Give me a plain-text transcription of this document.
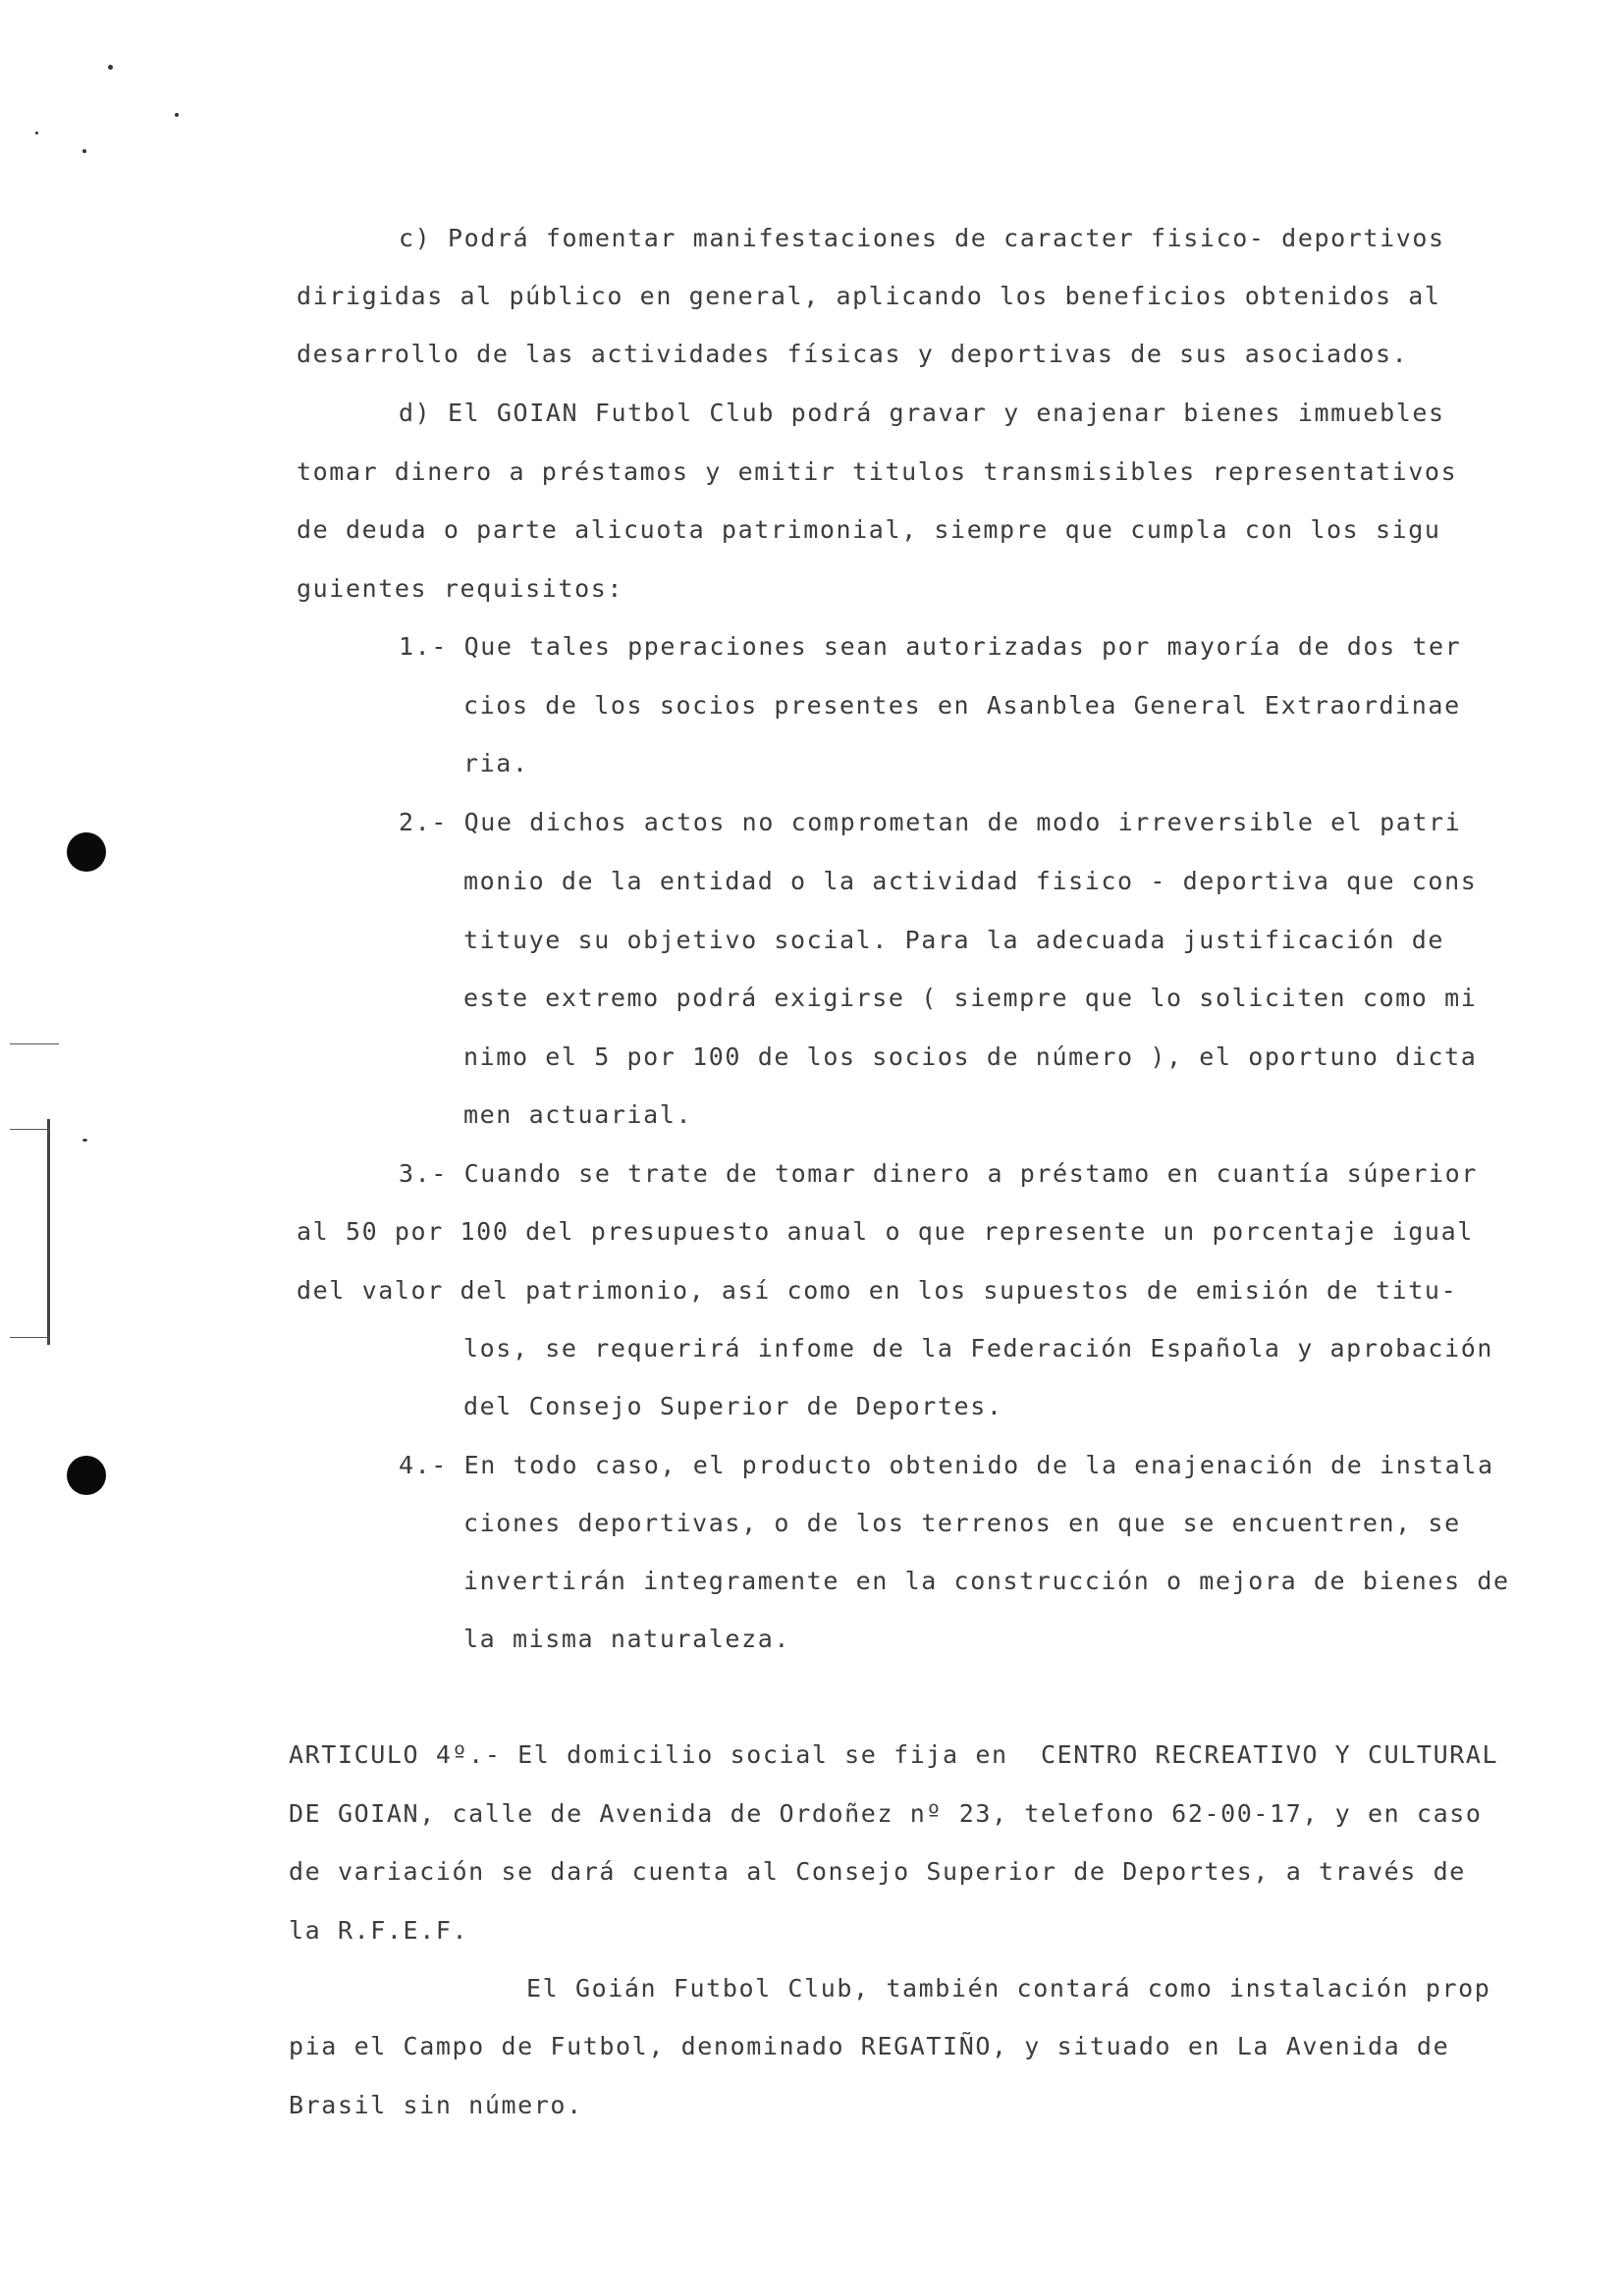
c) Podrá fomentar manifestaciones de caracter fisico- deportivos
dirigidas al público en general, aplicando los beneficios obtenidos al
desarrollo de las actividades físicas y deportivas de sus asociados.
d) El GOIAN Futbol Club podrá gravar y enajenar bienes immuebles
tomar dinero a préstamos y emitir titulos transmisibles representativos
de deuda o parte alicuota patrimonial, siempre que cumpla con los sigu
guientes requisitos:
1.- Que tales pperaciones sean autorizadas por mayoría de dos ter
cios de los socios presentes en Asanblea General Extraordinae
ria.
2.- Que dichos actos no comprometan de modo irreversible el patri
monio de la entidad o la actividad fisico - deportiva que cons
tituye su objetivo social. Para la adecuada justificación de
este extremo podrá exigirse ( siempre que lo soliciten como mi
nimo el 5 por 100 de los socios de número ), el oportuno dicta
men actuarial.
3.- Cuando se trate de tomar dinero a préstamo en cuantía súperior
al 50 por 100 del presupuesto anual o que represente un porcentaje igual
del valor del patrimonio, así como en los supuestos de emisión de titu-
los, se requerirá infome de la Federación Española y aprobación
del Consejo Superior de Deportes.
4.- En todo caso, el producto obtenido de la enajenación de instala
ciones deportivas, o de los terrenos en que se encuentren, se
invertirán integramente en la construcción o mejora de bienes de
la misma naturaleza.
ARTICULO 4º.- El domicilio social se fija en  CENTRO RECREATIVO Y CULTURAL
DE GOIAN, calle de Avenida de Ordoñez nº 23, telefono 62-00-17, y en caso
de variación se dará cuenta al Consejo Superior de Deportes, a través de
la R.F.E.F.
El Goián Futbol Club, también contará como instalación prop
pia el Campo de Futbol, denominado REGATIÑO, y situado en La Avenida de
Brasil sin número.
